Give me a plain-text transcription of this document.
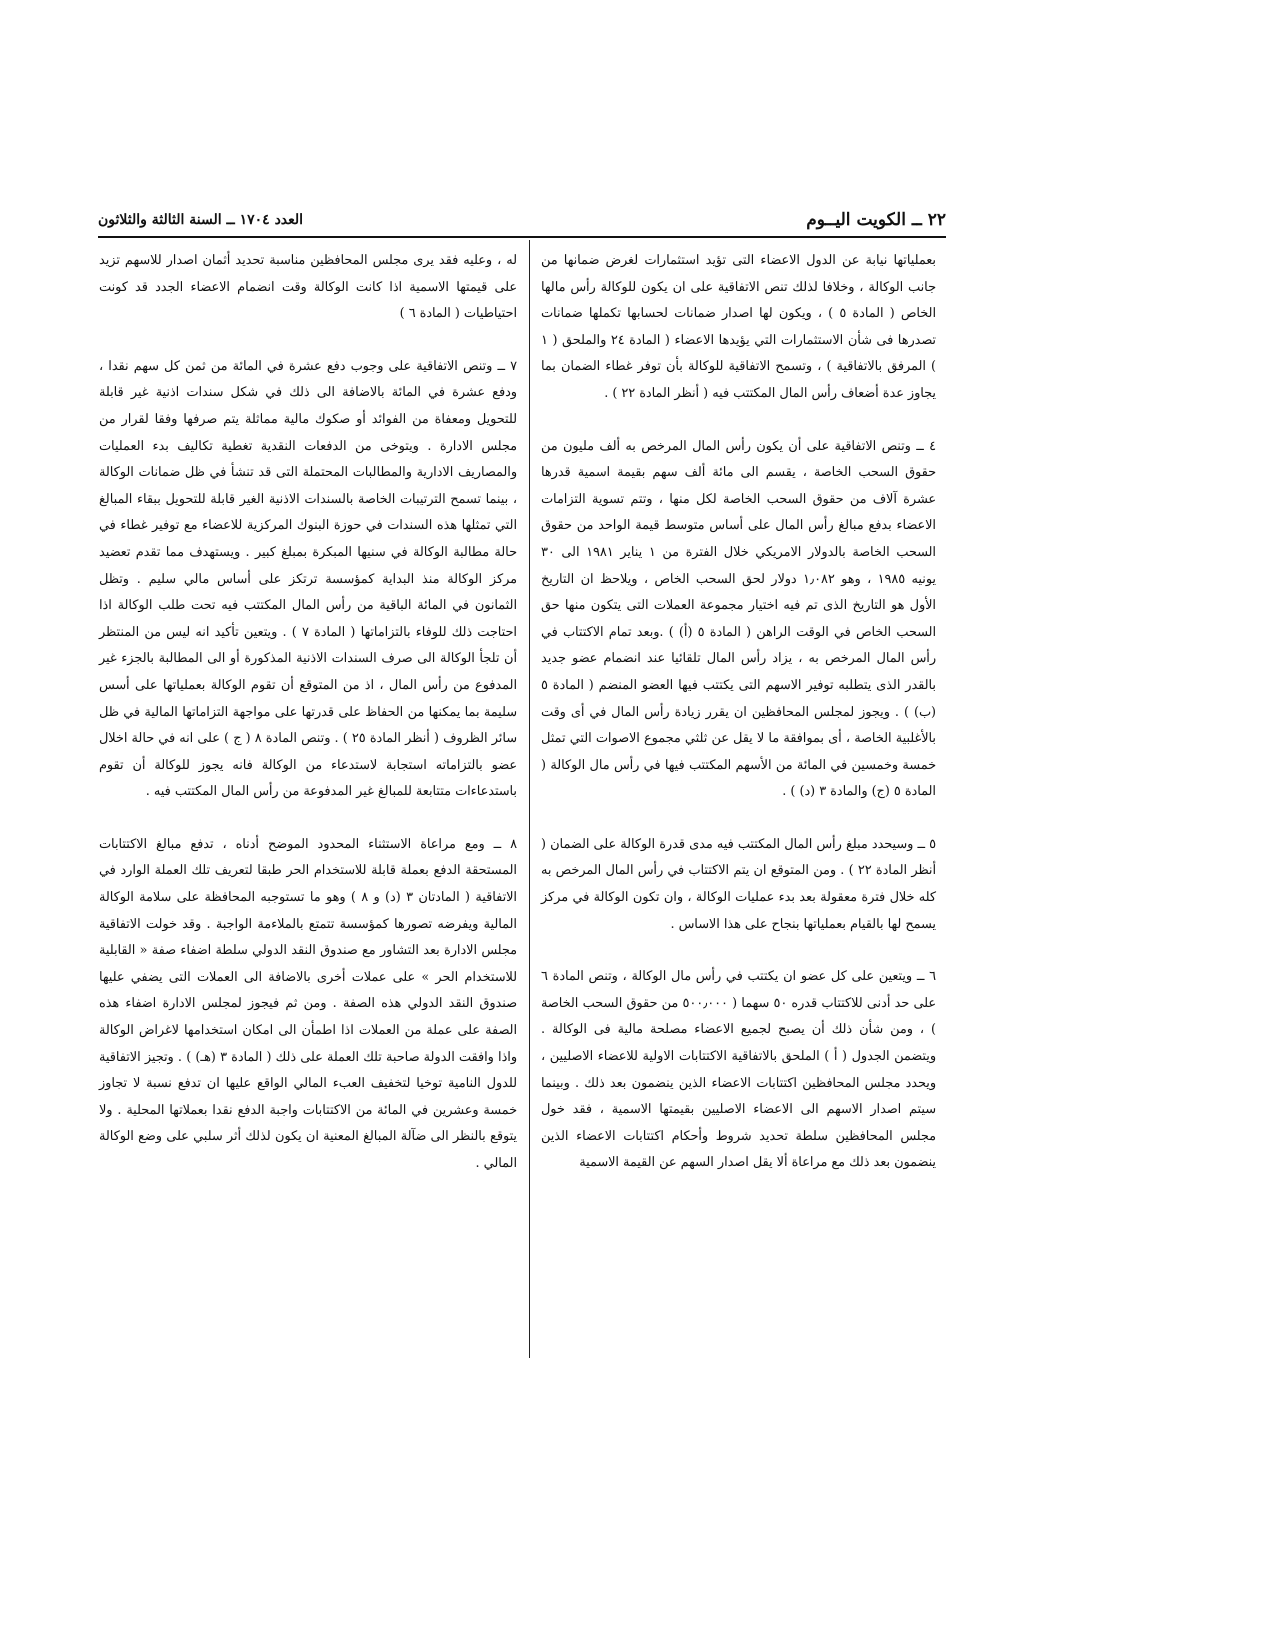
٢٢ ــ الكويت اليــوم
العدد ١٧٠٤ ــ السنة الثالثة والثلاثون

بعملياتها نيابة عن الدول الاعضاء التى تؤيد استثمارات لغرض ضمانها من جانب الوكالة ، وخلافا لذلك تنص الاتفاقية على ان يكون للوكالة رأس مالها الخاص ( المادة ٥ ) ، ويكون لها اصدار ضمانات لحسابها تكملها ضمانات تصدرها فى شأن الاستثمارات التي يؤيدها الاعضاء ( المادة ٢٤ والملحق ( ١ ) المرفق بالاتفاقية ) ، وتسمح الاتفاقية للوكالة بأن توفر غطاء الضمان بما يجاوز عدة أضعاف رأس المال المكتتب فيه ( أنظر المادة ٢٢ ) .

٤ ــ وتنص الاتفاقية على أن يكون رأس المال المرخص به ألف مليون من حقوق السحب الخاصة ، يقسم الى مائة ألف سهم بقيمة اسمية قدرها عشرة آلاف من حقوق السحب الخاصة لكل منها ، وتتم تسوية التزامات الاعضاء بدفع مبالغ رأس المال على أساس متوسط قيمة الواحد من حقوق السحب الخاصة بالدولار الامريكي خلال الفترة من ١ يناير ١٩٨١ الى ٣٠ يونيه ١٩٨٥ ، وهو ١٫٠٨٢ دولار لحق السحب الخاص ، ويلاحظ ان التاريخ الأول هو التاريخ الذى تم فيه اختيار مجموعة العملات التى يتكون منها حق السحب الخاص في الوقت الراهن ( المادة ٥ (أ) ) .وبعد تمام الاكتتاب في رأس المال المرخص به ، يزاد رأس المال تلقائيا عند انضمام عضو جديد بالقدر الذى يتطلبه توفير الاسهم التى يكتتب فيها العضو المنضم ( المادة ٥ (ب) ) . ويجوز لمجلس المحافظين ان يقرر زيادة رأس المال في أى وقت بالأغلبية الخاصة ، أى بموافقة ما لا يقل عن ثلثي مجموع الاصوات التي تمثل خمسة وخمسين في المائة من الأسهم المكتتب فيها في رأس مال الوكالة ( المادة ٥ (ج) والمادة ٣ (د) ) .

٥ ــ وسيحدد مبلغ رأس المال المكتتب فيه مدى قدرة الوكالة على الضمان ( أنظر المادة ٢٢ ) . ومن المتوقع ان يتم الاكتتاب في رأس المال المرخص به كله خلال فترة معقولة بعد بدء عمليات الوكالة ، وان تكون الوكالة في مركز يسمح لها بالقيام بعملياتها بنجاح على هذا الاساس .

٦ ــ ويتعين على كل عضو ان يكتتب في رأس مال الوكالة ، وتنص المادة ٦ على حد أدنى للاكتتاب قدره ٥٠ سهما ( ٥٠٠٫٠٠٠ من حقوق السحب الخاصة ) ، ومن شأن ذلك أن يصبح لجميع الاعضاء مصلحة مالية فى الوكالة . ويتضمن الجدول ( أ ) الملحق بالاتفاقية الاكتتابات الاولية للاعضاء الاصليين ، ويحدد مجلس المحافظين اكتتابات الاعضاء الذين ينضمون بعد ذلك . وبينما سيتم اصدار الاسهم الى الاعضاء الاصليين بقيمتها الاسمية ، فقد خول مجلس المحافظين سلطة تحديد شروط وأحكام اكتتابات الاعضاء الذين ينضمون بعد ذلك مع مراعاة ألا يقل اصدار السهم عن القيمة الاسمية

له ، وعليه فقد يرى مجلس المحافظين مناسبة تحديد أثمان اصدار للاسهم تزيد على قيمتها الاسمية اذا كانت الوكالة وقت انضمام الاعضاء الجدد قد كونت احتياطيات ( المادة ٦ )

٧ ــ وتنص الاتفاقية على وجوب دفع عشرة في المائة من ثمن كل سهم نقدا ، ودفع عشرة في المائة بالاضافة الى ذلك في شكل سندات اذنية غير قابلة للتحويل ومعفاة من الفوائد أو صكوك مالية مماثلة يتم صرفها وفقا لقرار من مجلس الادارة . ويتوخى من الدفعات النقدية تغطية تكاليف بدء العمليات والمصاريف الادارية والمطالبات المحتملة التى قد تنشأ في ظل ضمانات الوكالة ، بينما تسمح الترتيبات الخاصة بالسندات الاذنية الغير قابلة للتحويل ببقاء المبالغ التي تمثلها هذه السندات في حوزة البنوك المركزية للاعضاء مع توفير غطاء في حالة مطالبة الوكالة في سنيها المبكرة بمبلغ كبير . ويستهدف مما تقدم تعضيد مركز الوكالة منذ البداية كمؤسسة ترتكز على أساس مالي سليم . وتظل الثمانون في المائة الباقية من رأس المال المكتتب فيه تحت طلب الوكالة اذا احتاجت ذلك للوفاء بالتزاماتها ( المادة ٧ ) . ويتعين تأكيد انه ليس من المنتظر أن تلجأ الوكالة الى صرف السندات الاذنية المذكورة أو الى المطالبة بالجزء غير المدفوع من رأس المال ، اذ من المتوقع أن تقوم الوكالة بعملياتها على أسس سليمة بما يمكنها من الحفاظ على قدرتها على مواجهة التزاماتها المالية في ظل سائر الظروف ( أنظر المادة ٢٥ ) . وتنص المادة ٨ ( ج ) على انه في حالة اخلال عضو بالتزاماته استجابة لاستدعاء من الوكالة فانه يجوز للوكالة أن تقوم باستدعاءات متتابعة للمبالغ غير المدفوعة من رأس المال المكتتب فيه .

٨ ــ ومع مراعاة الاستثناء المحدود الموضح أدناه ، تدفع مبالغ الاكتتابات المستحقة الدفع بعملة قابلة للاستخدام الحر طبقا لتعريف تلك العملة الوارد في الاتفاقية ( المادتان ٣ (د) و ٨ ) وهو ما تستوجبه المحافظة على سلامة الوكالة المالية ويفرضه تصورها كمؤسسة تتمتع بالملاءمة الواجبة . وقد خولت الاتفاقية مجلس الادارة بعد التشاور مع صندوق النقد الدولي سلطة اضفاء صفة « القابلية للاستخدام الحر » على عملات أخرى بالاضافة الى العملات التى يضفي عليها صندوق النقد الدولي هذه الصفة . ومن ثم فيجوز لمجلس الادارة اضفاء هذه الصفة على عملة من العملات اذا اطمأن الى امكان استخدامها لاغراض الوكالة واذا وافقت الدولة صاحبة تلك العملة على ذلك ( المادة ٣ (هـ) ) . وتجيز الاتفاقية للدول النامية توخيا لتخفيف العبء المالي الواقع عليها ان تدفع نسبة لا تجاوز خمسة وعشرين في المائة من الاكتتابات واجبة الدفع نقدا بعملاتها المحلية . ولا يتوقع بالنظر الى ضآلة المبالغ المعنية ان يكون لذلك أثر سلبي على وضع الوكالة المالي .
